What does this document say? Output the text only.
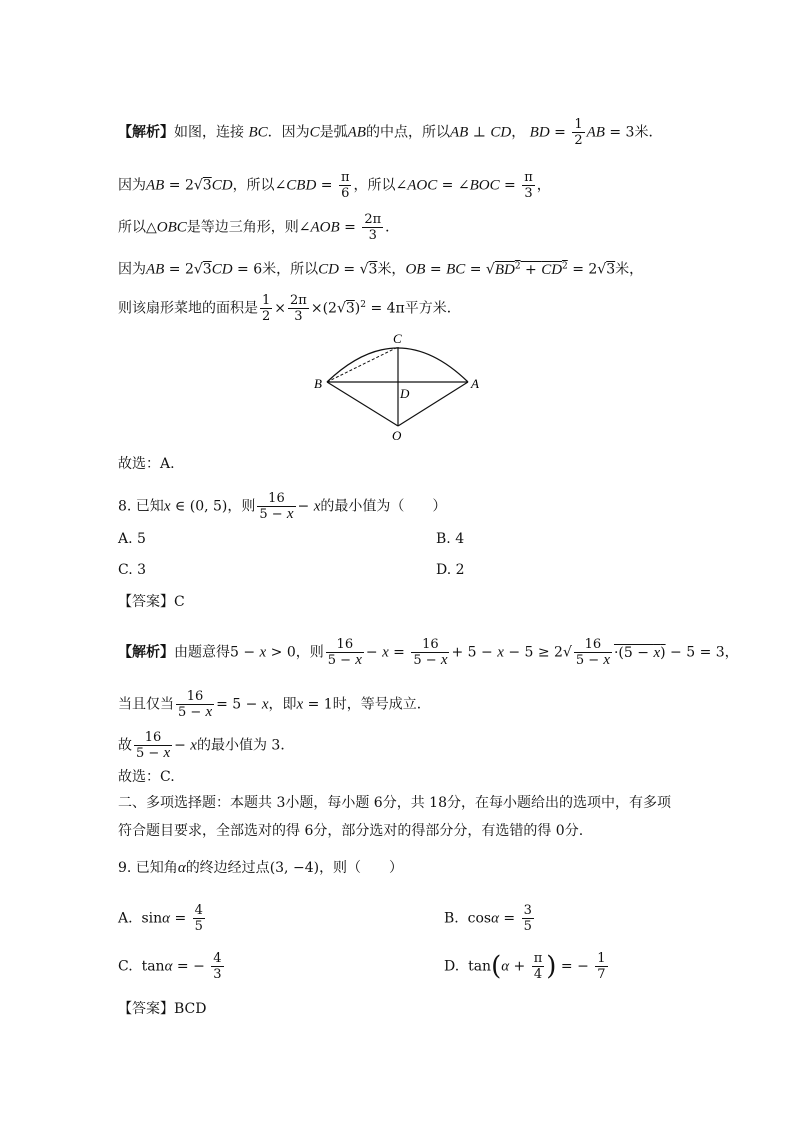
【解析】如图，连接 BC．因为C是弧AB的中点，所以AB ⊥ CD， BD = $\frac{1}{2}$ AB = 3米．
因为AB = 2√3CD，所以∠CBD = $\frac{\pi}{6}$ ，所以∠AOC = ∠BOC = $\frac{\pi}{3}$ ，
所以△OBC是等边三角形，则∠AOB = $\frac{2\pi}{3}$ ．
因为AB = 2√3CD = 6米，所以CD = √3米，OB = BC = $√BD^2 + CD^2 = 2√3$米，
则该扇形菜地的面积是 $\frac{1}{2} \times \frac{2\pi}{3} \times(2√3)^2 = 4\pi$平方米．
C
B
D
A
O
故选：A.
8. 已知x ∈ (0, 5)，则 $\frac{16}{5 - x} - x$的最小值为（　　）
A. 5	B. 4
C. 3	D. 2
【答案】C
【解析】由题意得5 − x > 0，则 $\frac{16}{5 - x} - x = \frac{16}{5 - x} + 5 - x - 5 \ge 2√ \frac{16}{5 - x} \cdot(5 - x) - 5 = 3$，
当且仅当 $\frac{16}{5 - x} = 5 - x$，即x = 1时，等号成立．
故 $\frac{16}{5 - x} - x$的最小值为 3．
故选：C.
二、多项选择题：本题共 3小题，每小题 6分，共 18分，在每小题给出的选项中，有多项
符合题目要求，全部选对的得 6分，部分选对的得部分分，有选错的得 0分.
9. 已知角α的终边经过点(3, −4)，则（　　）
A.  $\sin\alpha = \frac{4}{5}$	B.  $\cos\alpha = \frac{3}{5}$
C.  tanα = − $\frac{4}{3}$	D.  $\tan(\alpha + \frac{\pi}{4}$ ) = − $\frac{1}{7}$
【答案】BCD
